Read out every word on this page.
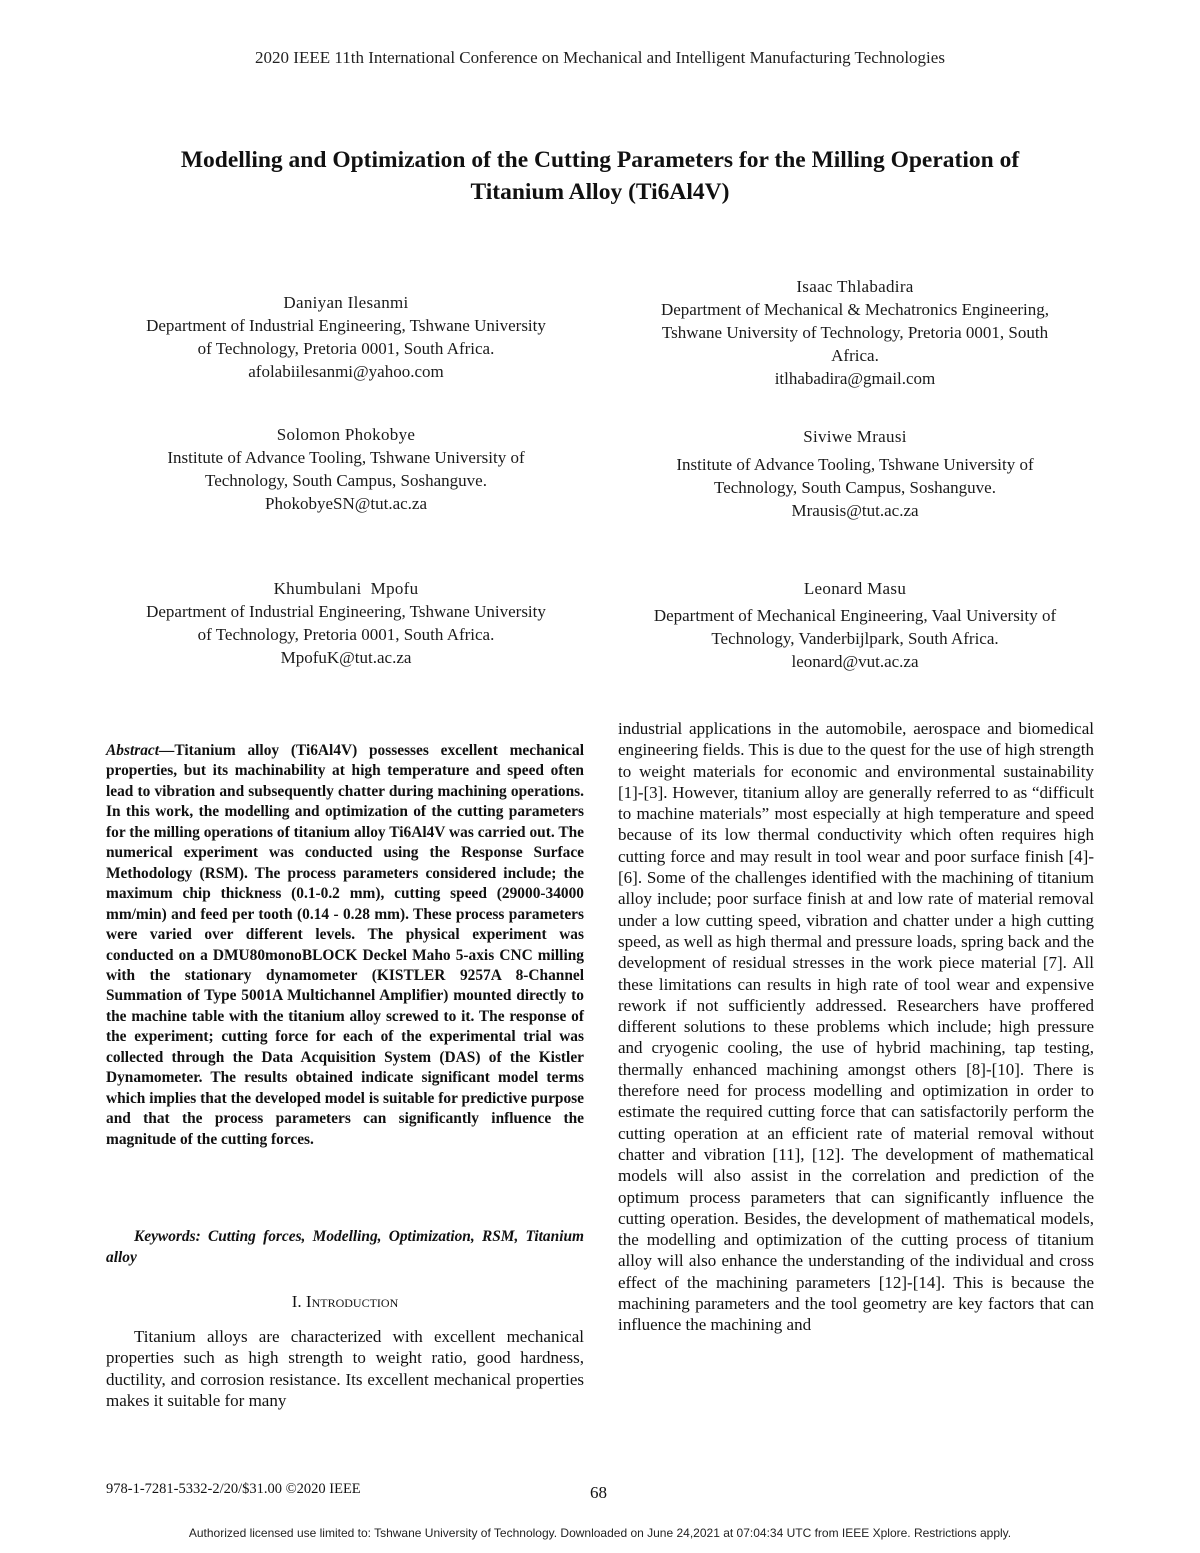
2020 IEEE 11th International Conference on Mechanical and Intelligent Manufacturing Technologies
Modelling and Optimization of the Cutting Parameters for the Milling Operation of
Titanium Alloy (Ti6Al4V)
Daniyan Ilesanmi
Department of Industrial Engineering, Tshwane University
of Technology, Pretoria 0001, South Africa.
afolabiilesanmi@yahoo.com
Solomon Phokobye
Institute of Advance Tooling, Tshwane University of
Technology, South Campus, Soshanguve.
PhokobyeSN@tut.ac.za
Khumbulani  Mpofu
Department of Industrial Engineering, Tshwane University
of Technology, Pretoria 0001, South Africa.
MpofuK@tut.ac.za
Isaac Thlabadira
Department of Mechanical & Mechatronics Engineering,
Tshwane University of Technology, Pretoria 0001, South
Africa.
itlhabadira@gmail.com
Siviwe Mrausi
Institute of Advance Tooling, Tshwane University of
Technology, South Campus, Soshanguve.
Mrausis@tut.ac.za
Leonard Masu
Department of Mechanical Engineering, Vaal University of
Technology, Vanderbijlpark, South Africa.
leonard@vut.ac.za
Abstract—Titanium alloy (Ti6Al4V) possesses excellent mechanical properties, but its machinability at high temperature and speed often lead to vibration and subsequently chatter during machining operations. In this work, the modelling and optimization of the cutting parameters for the milling operations of titanium alloy Ti6Al4V was carried out. The numerical experiment was conducted using the Response Surface Methodology (RSM). The process parameters considered include; the maximum chip thickness (0.1-0.2 mm), cutting speed (29000-34000 mm/min) and feed per tooth (0.14 - 0.28 mm). These process parameters were varied over different levels. The physical experiment was conducted on a DMU80monoBLOCK Deckel Maho 5-axis CNC milling with the stationary dynamometer (KISTLER 9257A 8-Channel Summation of Type 5001A Multichannel Amplifier) mounted directly to the machine table with the titanium alloy screwed to it. The response of the experiment; cutting force for each of the experimental trial was collected through the Data Acquisition System (DAS) of the Kistler Dynamometer. The results obtained indicate significant model terms which implies that the developed model is suitable for predictive purpose and that the process parameters can significantly influence the magnitude of the cutting forces.
Keywords: Cutting forces, Modelling, Optimization, RSM, Titanium alloy
I. Introduction
Titanium alloys are characterized with excellent mechanical properties such as high strength to weight ratio, good hardness, ductility, and corrosion resistance. Its excellent mechanical properties makes it suitable for many
industrial applications in the automobile, aerospace and biomedical engineering fields. This is due to the quest for the use of high strength to weight materials for economic and environmental sustainability [1]-[3]. However, titanium alloy are generally referred to as “difficult to machine materials” most especially at high temperature and speed because of its low thermal conductivity which often requires high cutting force and may result in tool wear and poor surface finish [4]-[6]. Some of the challenges identified with the machining of titanium alloy include; poor surface finish at and low rate of material removal under a low cutting speed, vibration and chatter under a high cutting speed, as well as high thermal and pressure loads, spring back and the development of residual stresses in the work piece material [7]. All these limitations can results in high rate of tool wear and expensive rework if not sufficiently addressed. Researchers have proffered different solutions to these problems which include; high pressure and cryogenic cooling, the use of hybrid machining, tap testing, thermally enhanced machining amongst others [8]-[10]. There is therefore need for process modelling and optimization in order to estimate the required cutting force that can satisfactorily perform the cutting operation at an efficient rate of material removal without chatter and vibration [11], [12]. The development of mathematical models will also assist in the correlation and prediction of the optimum process parameters that can significantly influence the cutting operation. Besides, the development of mathematical models, the modelling and optimization of the cutting process of titanium alloy will also enhance the understanding of the individual and cross effect of the machining parameters [12]-[14]. This is because the machining parameters and the tool geometry are key factors that can influence the machining and
978-1-7281-5332-2/20/$31.00 ©2020 IEEE	68
Authorized licensed use limited to: Tshwane University of Technology. Downloaded on June 24,2021 at 07:04:34 UTC from IEEE Xplore. Restrictions apply.
